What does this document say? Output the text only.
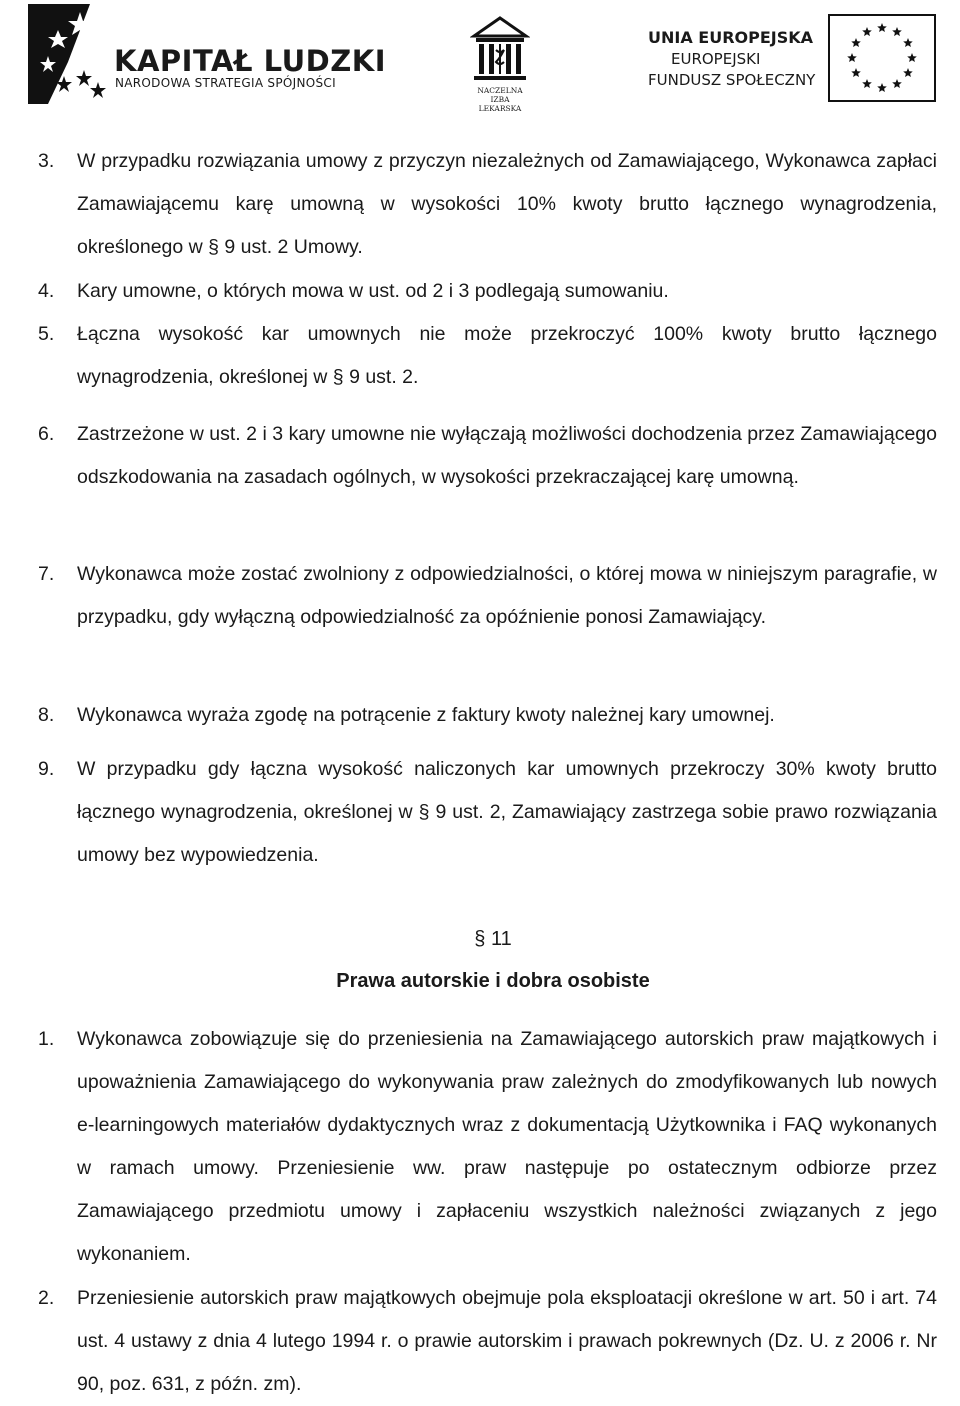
KAPITAŁ LUDZKI
NARODOWA STRATEGIA SPÓJNOŚCI
NACZELNA IZBA LEKARSKA
UNIA EUROPEJSKA
EUROPEJSKI
FUNDUSZ SPOŁECZNY
3.	W przypadku rozwiązania umowy z przyczyn niezależnych od Zamawiającego, Wykonawca zapłaci Zamawiającemu karę umowną w wysokości 10% kwoty brutto łącznego wynagrodzenia, określonego w § 9 ust. 2 Umowy.
4.	Kary umowne, o których mowa w ust. od 2 i 3 podlegają sumowaniu.
5.	Łączna wysokość kar umownych nie może przekroczyć 100% kwoty brutto łącznego wynagrodzenia, określonej w § 9 ust. 2.
6.	Zastrzeżone w ust. 2 i 3 kary umowne nie wyłączają możliwości dochodzenia przez Zamawiającego odszkodowania na zasadach ogólnych, w wysokości przekraczającej karę umowną.
7.	Wykonawca może zostać zwolniony z odpowiedzialności, o której mowa w niniejszym paragrafie, w przypadku, gdy wyłączną odpowiedzialność za opóźnienie ponosi Zamawiający.
8.	Wykonawca wyraża zgodę na potrącenie z faktury kwoty należnej kary umownej.
9.	W przypadku gdy łączna wysokość naliczonych kar umownych przekroczy 30% kwoty brutto łącznego wynagrodzenia, określonej w § 9 ust. 2, Zamawiający zastrzega sobie prawo rozwiązania umowy bez wypowiedzenia.
§ 11
Prawa autorskie i dobra osobiste
1.	Wykonawca zobowiązuje się do przeniesienia na Zamawiającego autorskich praw majątkowych i upoważnienia Zamawiającego do wykonywania praw zależnych do zmodyfikowanych lub nowych e-learningowych materiałów dydaktycznych wraz z dokumentacją Użytkownika i FAQ wykonanych w ramach umowy. Przeniesienie ww. praw następuje po ostatecznym odbiorze przez Zamawiającego przedmiotu umowy i zapłaceniu wszystkich należności związanych z jego wykonaniem.
2.	Przeniesienie autorskich praw majątkowych obejmuje pola eksploatacji określone w art. 50 i art. 74 ust. 4 ustawy z dnia 4 lutego 1994 r. o prawie autorskim i prawach pokrewnych (Dz. U. z 2006 r. Nr 90, poz. 631, z późn. zm).
